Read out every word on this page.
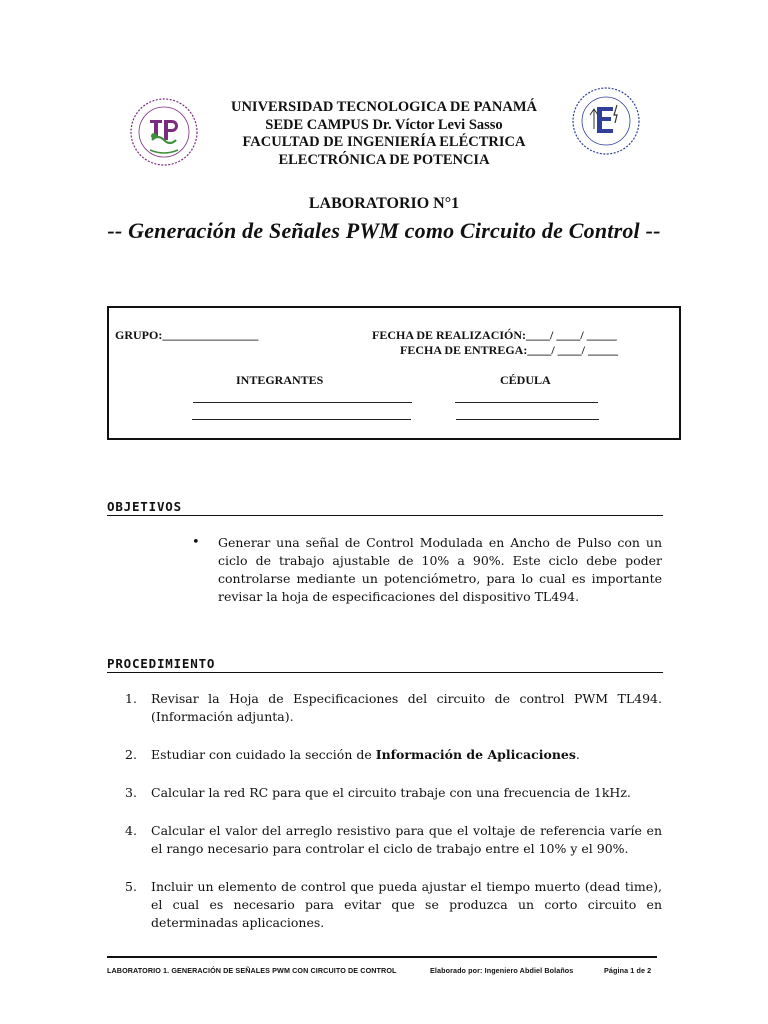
UNIVERSIDAD TECNOLOGICA DE PANAMÁ
SEDE CAMPUS Dr. Víctor Levi Sasso
FACULTAD DE INGENIERÍA ELÉCTRICA
ELECTRÓNICA DE POTENCIA
LABORATORIO N°1
-- Generación de Señales PWM como Circuito de Control --
GRUPO:________________	FECHA DE REALIZACIÓN:____/ ____/ _____
FECHA DE ENTREGA:____/ ____/ _____
INTEGRANTES	CÉDULA
OBJETIVOS
• Generar una señal de Control Modulada en Ancho de Pulso con un ciclo de trabajo ajustable de 10% a 90%. Este ciclo debe poder controlarse mediante un potenciómetro, para lo cual es importante revisar la hoja de especificaciones del dispositivo TL494.
PROCEDIMIENTO
1. Revisar la Hoja de Especificaciones del circuito de control PWM TL494. (Información adjunta).
2. Estudiar con cuidado la sección de Información de Aplicaciones.
3. Calcular la red RC para que el circuito trabaje con una frecuencia de 1kHz.
4. Calcular el valor del arreglo resistivo para que el voltaje de referencia varíe en el rango necesario para controlar el ciclo de trabajo entre el 10% y el 90%.
5. Incluir un elemento de control que pueda ajustar el tiempo muerto (dead time), el cual es necesario para evitar que se produzca un corto circuito en determinadas aplicaciones.
LABORATORIO 1. GENERACIÓN DE SEÑALES PWM CON CIRCUITO DE CONTROL	Elaborado por: Ingeniero Abdiel Bolaños	Página 1 de 2
